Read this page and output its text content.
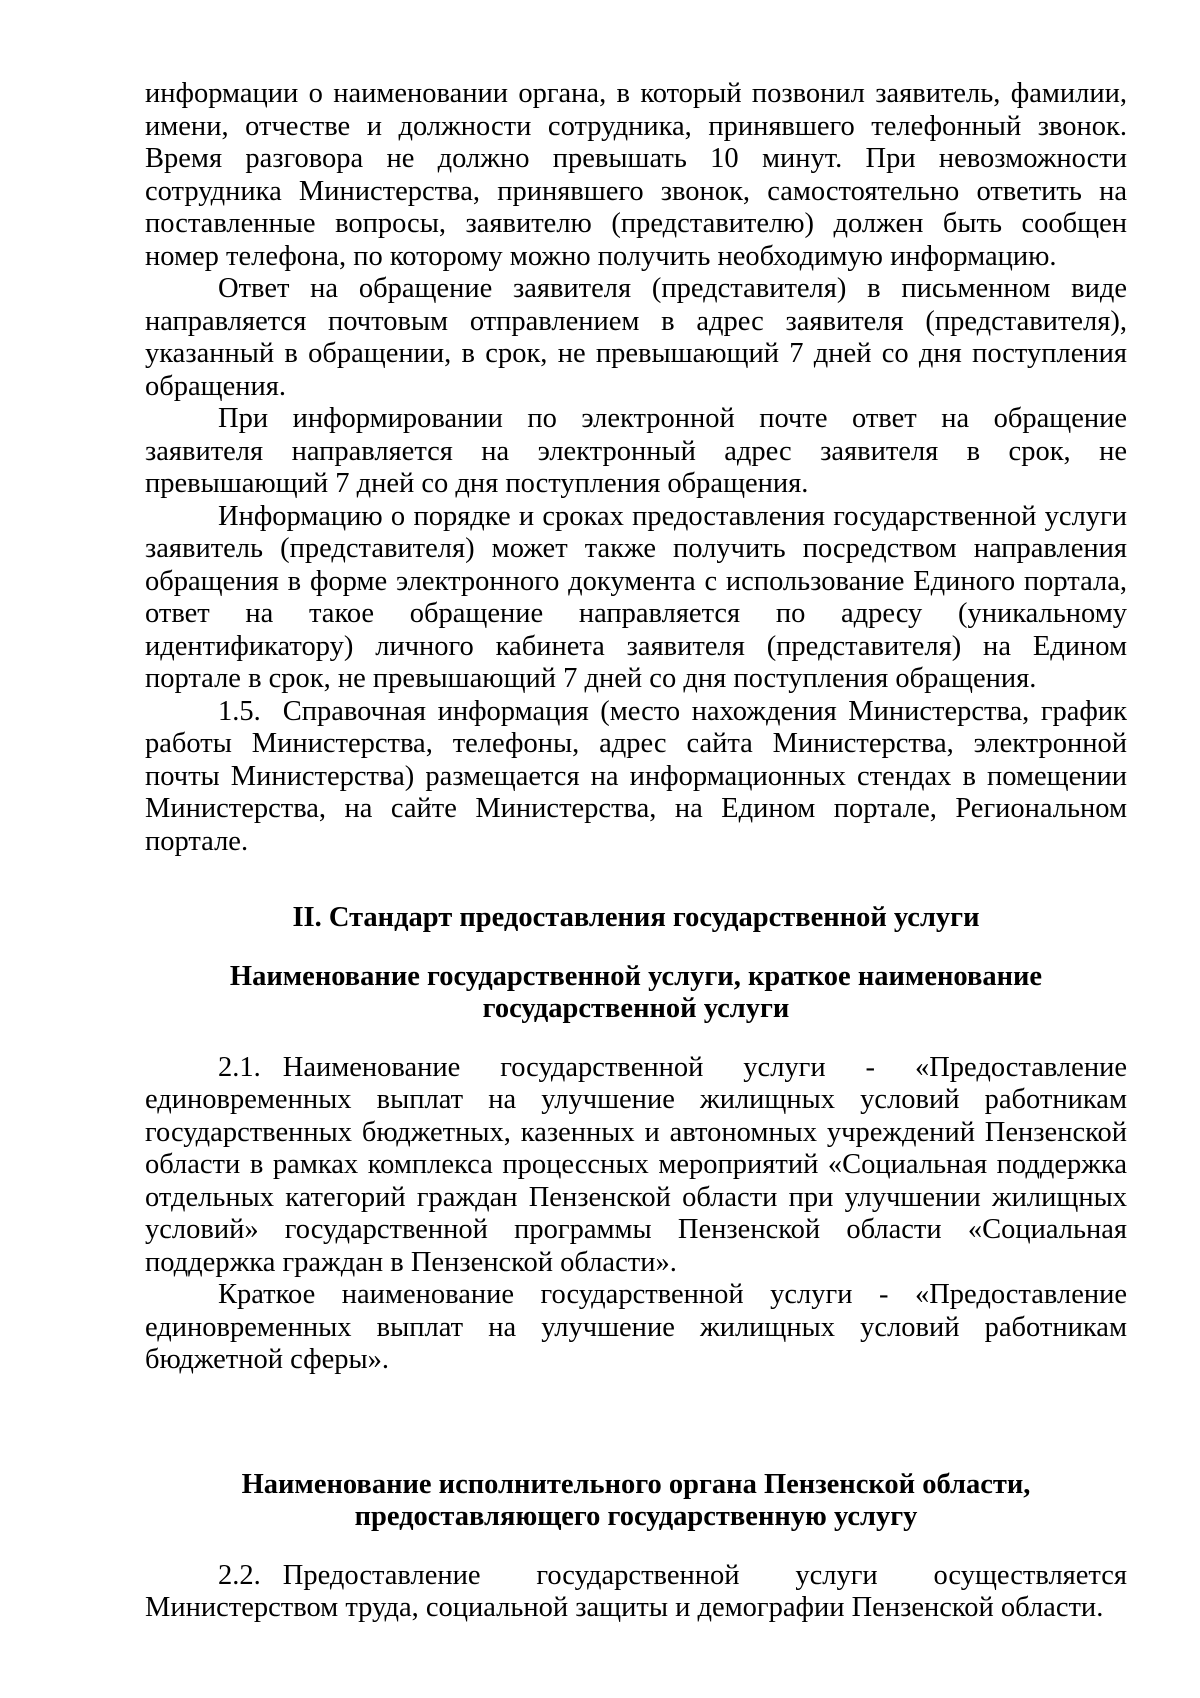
информации о наименовании органа, в который позвонил заявитель, фамилии, имени, отчестве и должности сотрудника, принявшего телефонный звонок. Время разговора не должно превышать 10 минут. При невозможности сотрудника Министерства, принявшего звонок, самостоятельно ответить на поставленные вопросы, заявителю (представителю) должен быть сообщен номер телефона, по которому можно получить необходимую информацию.

Ответ на обращение заявителя (представителя) в письменном виде направляется почтовым отправлением в адрес заявителя (представителя), указанный в обращении, в срок, не превышающий 7 дней со дня поступления обращения.

При информировании по электронной почте ответ на обращение заявителя направляется на электронный адрес заявителя в срок, не превышающий 7 дней со дня поступления обращения.

Информацию о порядке и сроках предоставления государственной услуги заявитель (представителя) может также получить посредством направления обращения в форме электронного документа с использование Единого портала, ответ на такое обращение направляется по адресу (уникальному идентификатору) личного кабинета заявителя (представителя) на Едином портале в срок, не превышающий 7 дней со дня поступления обращения.

1.5. Справочная информация (место нахождения Министерства, график работы Министерства, телефоны, адрес сайта Министерства, электронной почты Министерства) размещается на информационных стендах в помещении Министерства, на сайте Министерства, на Едином портале, Региональном портале.

II. Стандарт предоставления государственной услуги

Наименование государственной услуги, краткое наименование государственной услуги

2.1. Наименование государственной услуги - «Предоставление единовременных выплат на улучшение жилищных условий работникам государственных бюджетных, казенных и автономных учреждений Пензенской области в рамках комплекса процессных мероприятий «Социальная поддержка отдельных категорий граждан Пензенской области при улучшении жилищных условий» государственной программы Пензенской области «Социальная поддержка граждан в Пензенской области».

Краткое наименование государственной услуги - «Предоставление единовременных выплат на улучшение жилищных условий работникам бюджетной сферы».

Наименование исполнительного органа Пензенской области, предоставляющего государственную услугу

2.2. Предоставление государственной услуги осуществляется Министерством труда, социальной защиты и демографии Пензенской области.
